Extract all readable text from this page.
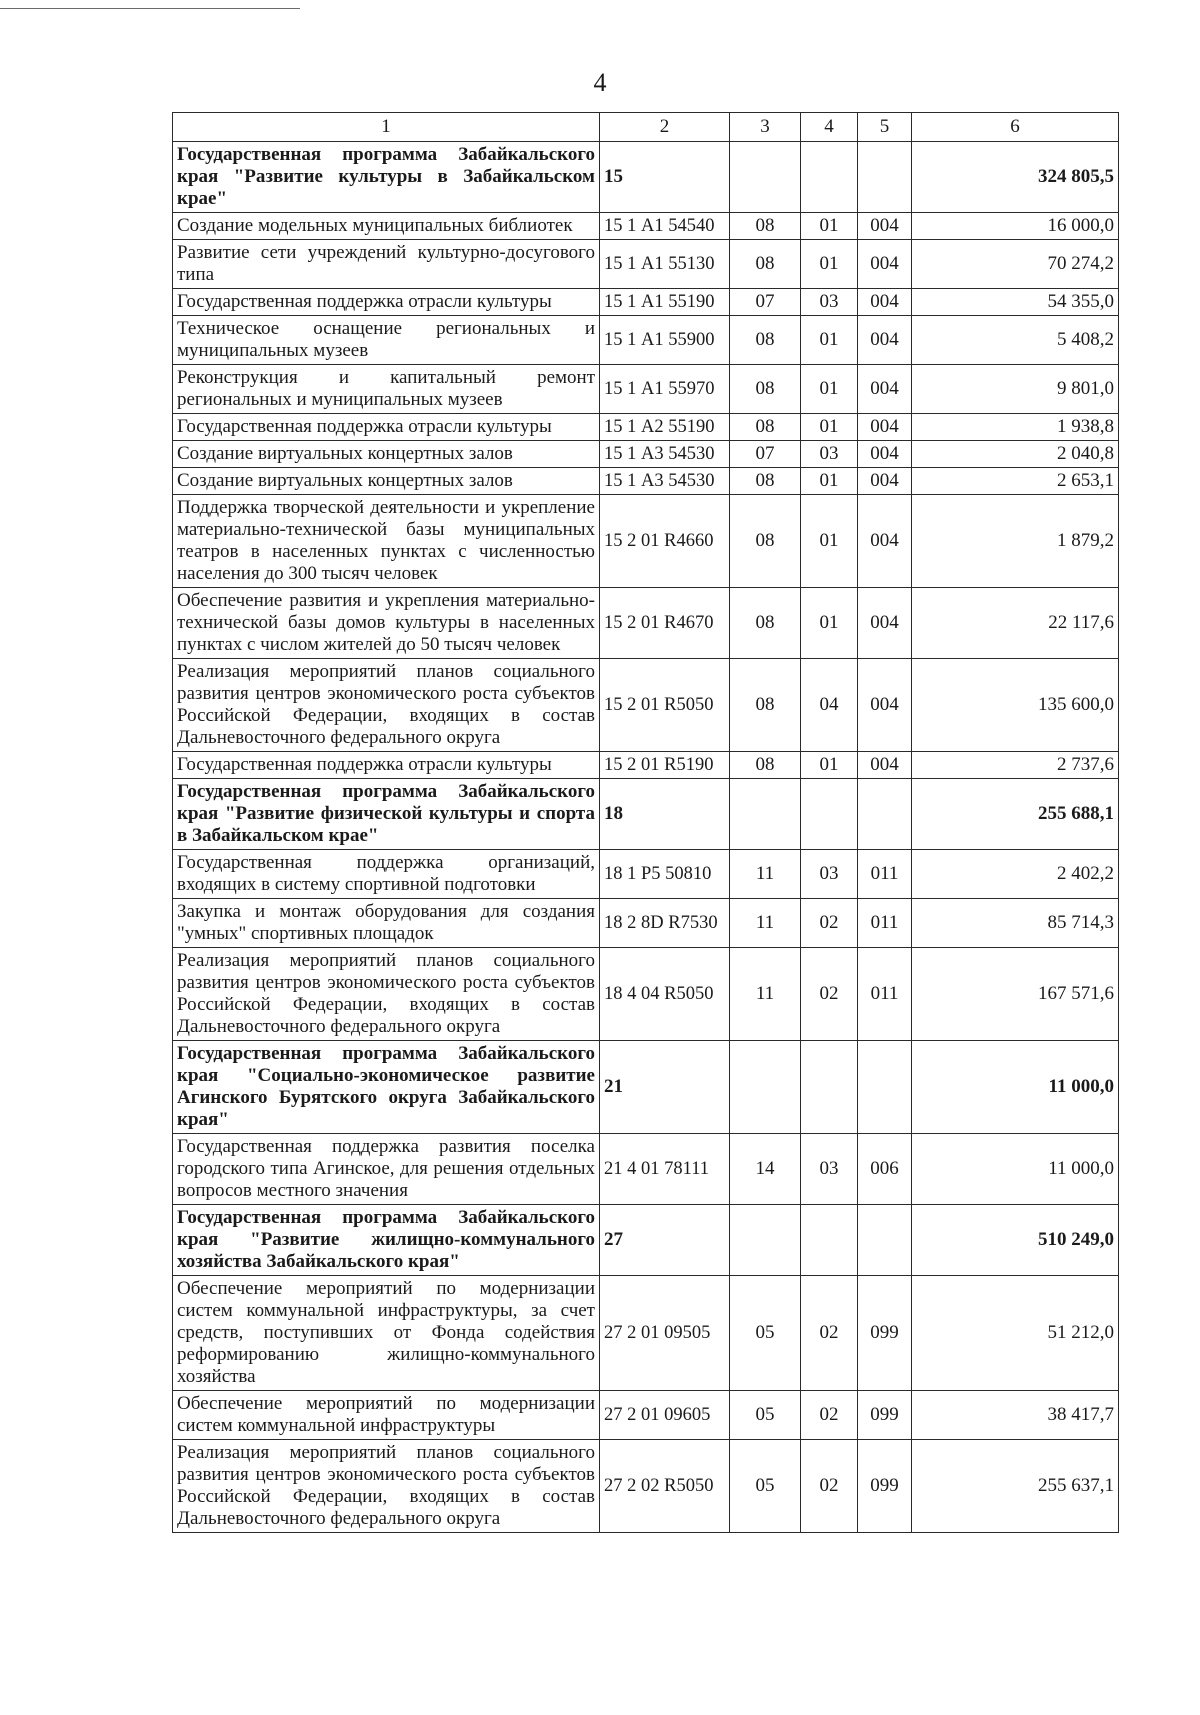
4
1	2	3	4	5	6
Государственная программа Забайкальского края "Развитие культуры в Забайкальском крае"	15				324 805,5
Создание модельных муниципальных библиотек	15 1 А1 54540	08	01	004	16 000,0
Развитие сети учреждений культурно-досугового типа	15 1 А1 55130	08	01	004	70 274,2
Государственная поддержка отрасли культуры	15 1 А1 55190	07	03	004	54 355,0
Техническое оснащение региональных и муниципальных музеев	15 1 А1 55900	08	01	004	5 408,2
Реконструкция и капитальный ремонт региональных и муниципальных музеев	15 1 А1 55970	08	01	004	9 801,0
Государственная поддержка отрасли культуры	15 1 А2 55190	08	01	004	1 938,8
Создание виртуальных концертных залов	15 1 А3 54530	07	03	004	2 040,8
Создание виртуальных концертных залов	15 1 А3 54530	08	01	004	2 653,1
Поддержка творческой деятельности и укрепление материально-технической базы муниципальных театров в населенных пунктах с численностью населения до 300 тысяч человек	15 2 01 R4660	08	01	004	1 879,2
Обеспечение развития и укрепления материально-технической базы домов культуры в населенных пунктах с числом жителей до 50 тысяч человек	15 2 01 R4670	08	01	004	22 117,6
Реализация мероприятий планов социального развития центров экономического роста субъектов Российской Федерации, входящих в состав Дальневосточного федерального округа	15 2 01 R5050	08	04	004	135 600,0
Государственная поддержка отрасли культуры	15 2 01 R5190	08	01	004	2 737,6
Государственная программа Забайкальского края "Развитие физической культуры и спорта в Забайкальском крае"	18				255 688,1
Государственная поддержка организаций, входящих в систему спортивной подготовки	18 1 Р5 50810	11	03	011	2 402,2
Закупка и монтаж оборудования для создания "умных" спортивных площадок	18 2 8D R7530	11	02	011	85 714,3
Реализация мероприятий планов социального развития центров экономического роста субъектов Российской Федерации, входящих в состав Дальневосточного федерального округа	18 4 04 R5050	11	02	011	167 571,6
Государственная программа Забайкальского края "Социально-экономическое развитие Агинского Бурятского округа Забайкальского края"	21				11 000,0
Государственная поддержка развития поселка городского типа Агинское, для решения отдельных вопросов местного значения	21 4 01 78111	14	03	006	11 000,0
Государственная программа Забайкальского края "Развитие жилищно-коммунального хозяйства Забайкальского края"	27				510 249,0
Обеспечение мероприятий по модернизации систем коммунальной инфраструктуры, за счет средств, поступивших от Фонда содействия реформированию жилищно-коммунального хозяйства	27 2 01 09505	05	02	099	51 212,0
Обеспечение мероприятий по модернизации систем коммунальной инфраструктуры	27 2 01 09605	05	02	099	38 417,7
Реализация мероприятий планов социального развития центров экономического роста субъектов Российской Федерации, входящих в состав Дальневосточного федерального округа	27 2 02 R5050	05	02	099	255 637,1
